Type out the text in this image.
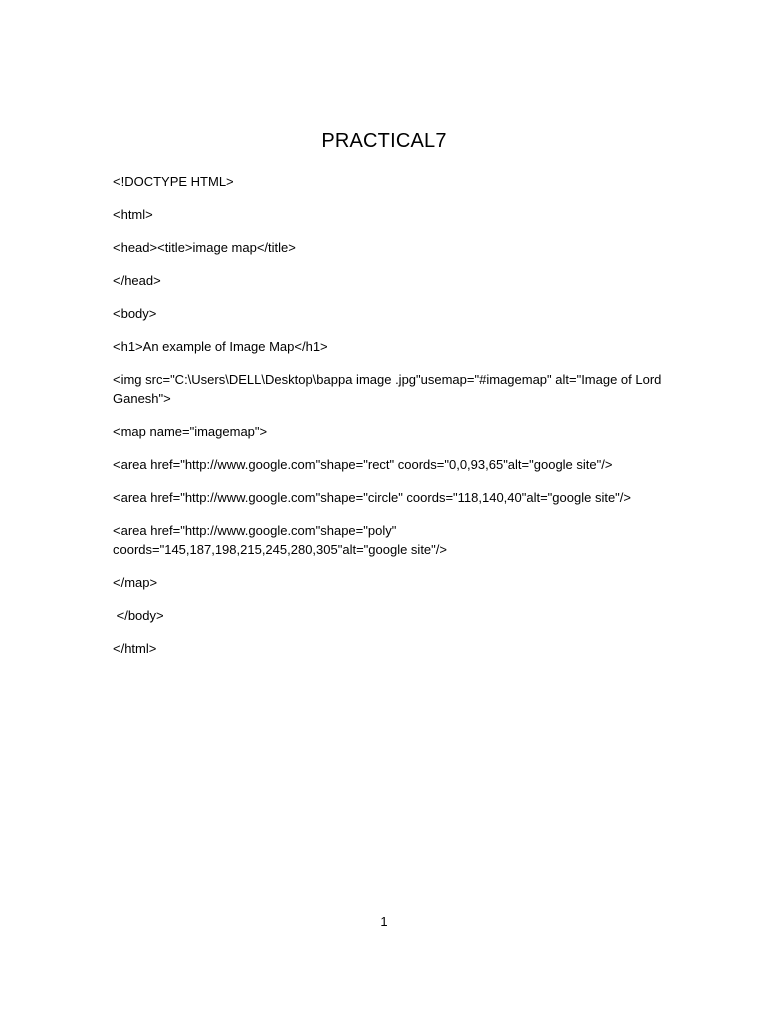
PRACTICAL7

<!DOCTYPE HTML>

<html>

<head><title>image map</title>

</head>

<body>

<h1>An example of Image Map</h1>

<img src="C:\Users\DELL\Desktop\bappa image .jpg"usemap="#imagemap" alt="Image of Lord Ganesh">

<map name="imagemap">

<area href="http://www.google.com"shape="rect" coords="0,0,93,65"alt="google site"/>

<area href="http://www.google.com"shape="circle" coords="118,140,40"alt="google site"/>

<area href="http://www.google.com"shape="poly" coords="145,187,198,215,245,280,305"alt="google site"/>

</map>

</body>

</html>

1
